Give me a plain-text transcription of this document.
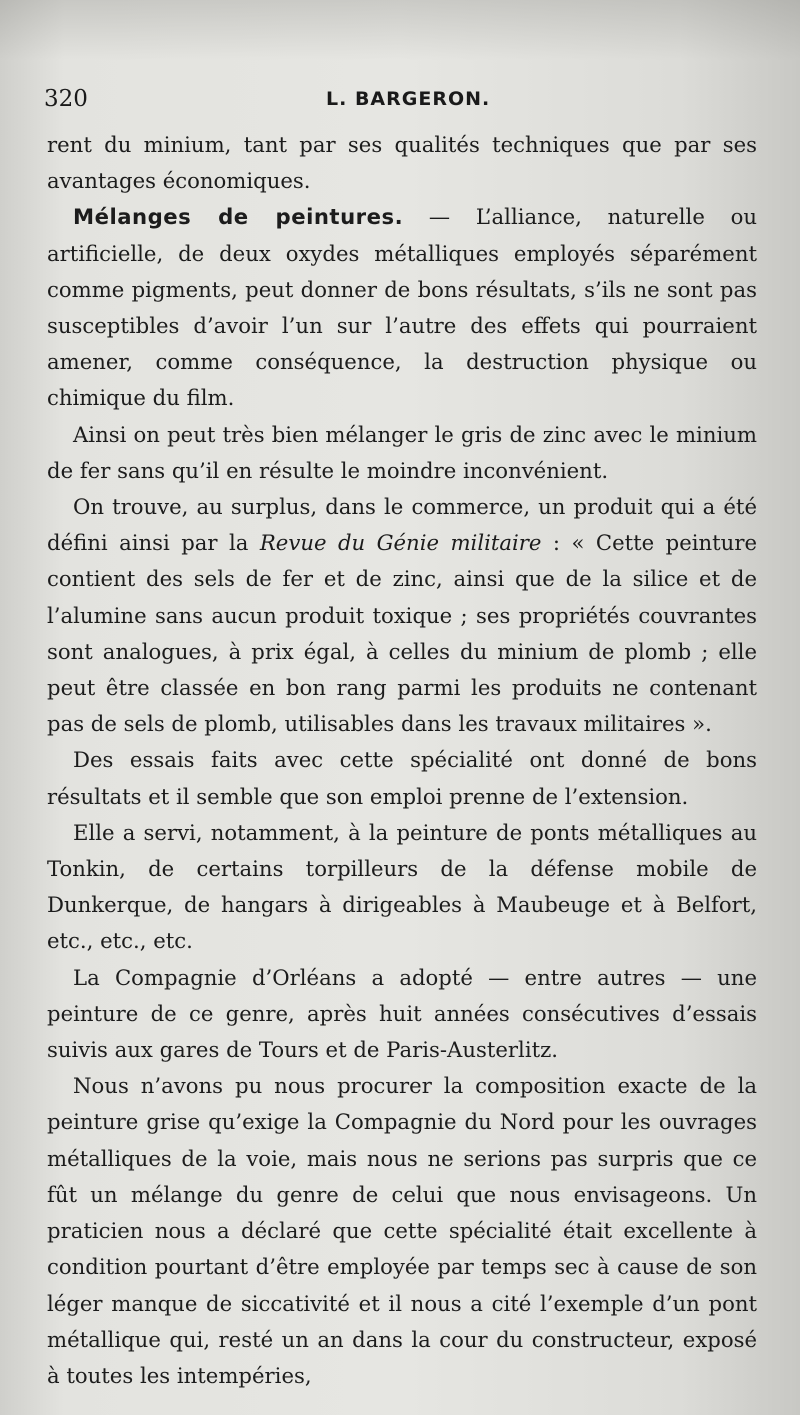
320	L. BARGERON.

rent du minium, tant par ses qualités techniques que par ses avantages économiques.

Mélanges de peintures. — L’alliance, naturelle ou artificielle, de deux oxydes métalliques employés séparément comme pigments, peut donner de bons résultats, s’ils ne sont pas susceptibles d’avoir l’un sur l’autre des effets qui pourraient amener, comme conséquence, la destruction physique ou chimique du film.

Ainsi on peut très bien mélanger le gris de zinc avec le minium de fer sans qu’il en résulte le moindre inconvénient.

On trouve, au surplus, dans le commerce, un produit qui a été défini ainsi par la Revue du Génie militaire : « Cette peinture contient des sels de fer et de zinc, ainsi que de la silice et de l’alumine sans aucun produit toxique ; ses propriétés couvrantes sont analogues, à prix égal, à celles du minium de plomb ; elle peut être classée en bon rang parmi les produits ne contenant pas de sels de plomb, utilisables dans les travaux militaires ».

Des essais faits avec cette spécialité ont donné de bons résultats et il semble que son emploi prenne de l’extension.

Elle a servi, notamment, à la peinture de ponts métalliques au Tonkin, de certains torpilleurs de la défense mobile de Dunkerque, de hangars à dirigeables à Maubeuge et à Belfort, etc., etc., etc.

La Compagnie d’Orléans a adopté — entre autres — une peinture de ce genre, après huit années consécutives d’essais suivis aux gares de Tours et de Paris-Austerlitz.

Nous n’avons pu nous procurer la composition exacte de la peinture grise qu’exige la Compagnie du Nord pour les ouvrages métalliques de la voie, mais nous ne serions pas surpris que ce fût un mélange du genre de celui que nous envisageons. Un praticien nous a déclaré que cette spécialité était excellente à condition pourtant d’être employée par temps sec à cause de son léger manque de siccativité et il nous a cité l’exemple d’un pont métallique qui, resté un an dans la cour du constructeur, exposé à toutes les intempéries,
